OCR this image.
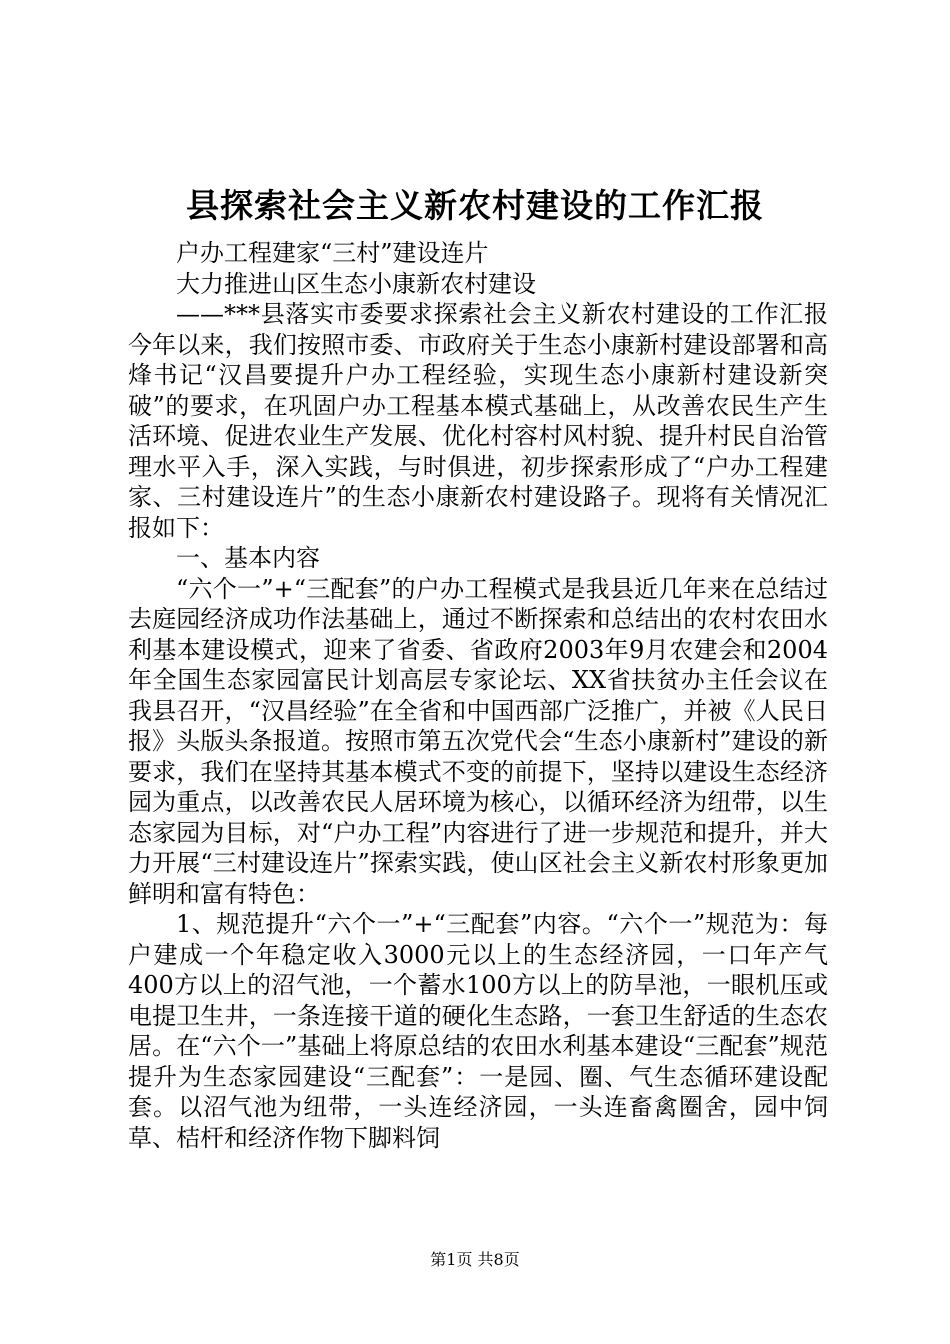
县探索社会主义新农村建设的工作汇报

户办工程建家“三村”建设连片

大力推进山区生态小康新农村建设

——***县落实市委要求探索社会主义新农村建设的工作汇报今年以来，我们按照市委、市政府关于生态小康新村建设部署和高烽书记“汉昌要提升户办工程经验，实现生态小康新村建设新突破”的要求，在巩固户办工程基本模式基础上，从改善农民生产生活环境、促进农业生产发展、优化村容村风村貌、提升村民自治管理水平入手，深入实践，与时俱进，初步探索形成了“户办工程建家、三村建设连片”的生态小康新农村建设路子。现将有关情况汇报如下：

一、基本内容

“六个一”+“三配套”的户办工程模式是我县近几年来在总结过去庭园经济成功作法基础上，通过不断探索和总结出的农村农田水利基本建设模式，迎来了省委、省政府2003年9月农建会和2004年全国生态家园富民计划高层专家论坛、XX省扶贫办主任会议在我县召开，“汉昌经验”在全省和中国西部广泛推广，并被《人民日报》头版头条报道。按照市第五次党代会“生态小康新村”建设的新要求，我们在坚持其基本模式不变的前提下，坚持以建设生态经济园为重点，以改善农民人居环境为核心，以循环经济为纽带，以生态家园为目标，对“户办工程”内容进行了进一步规范和提升，并大力开展“三村建设连片”探索实践，使山区社会主义新农村形象更加鲜明和富有特色：

1、规范提升“六个一”+“三配套”内容。“六个一”规范为：每户建成一个年稳定收入3000元以上的生态经济园，一口年产气400方以上的沼气池，一个蓄水100方以上的防旱池，一眼机压或电提卫生井，一条连接干道的硬化生态路，一套卫生舒适的生态农居。在“六个一”基础上将原总结的农田水利基本建设“三配套”规范提升为生态家园建设“三配套”：一是园、圈、气生态循环建设配套。以沼气池为纽带，一头连经济园，一头连畜禽圈舍，园中饲草、桔杆和经济作物下脚料饲

第1页 共8页
